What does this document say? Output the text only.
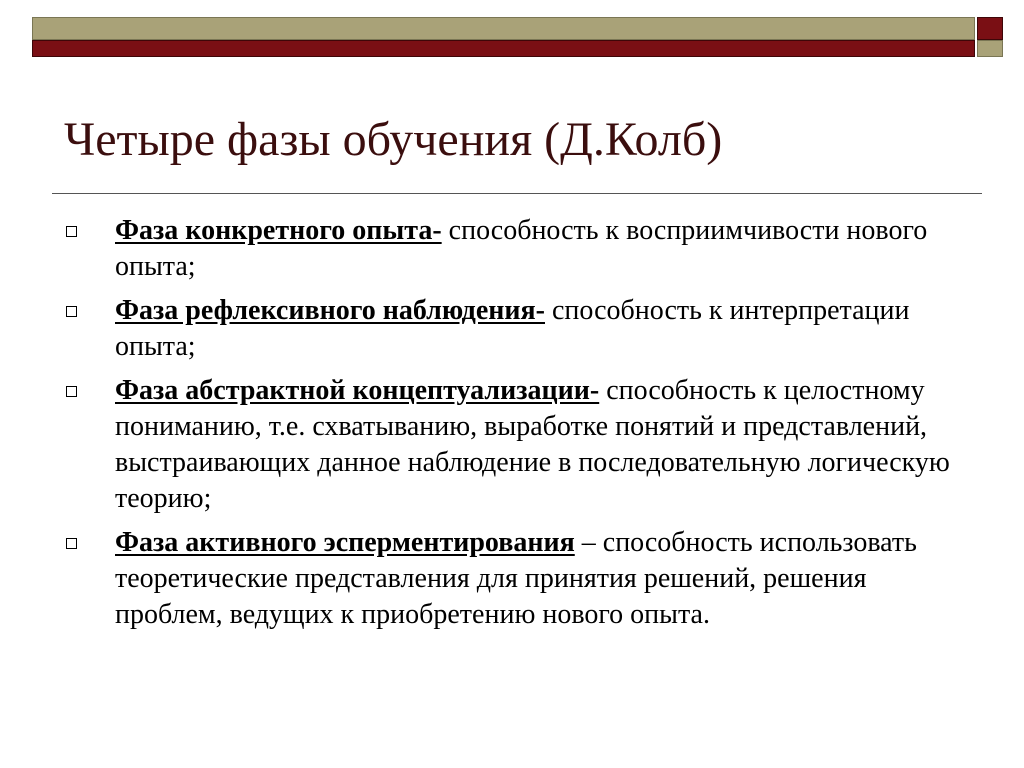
Четыре фазы обучения (Д.Колб)
Фаза конкретного опыта- способность к восприимчивости нового опыта;
Фаза рефлексивного наблюдения- способность к интерпретации опыта;
Фаза абстрактной концептуализации- способность к целостному пониманию, т.е. схватыванию, выработке понятий и представлений, выстраивающих данное наблюдение в последовательную логическую теорию;
Фаза активного эсперментирования – способность использовать теоретические представления для принятия решений, решения проблем, ведущих к приобретению нового опыта.
